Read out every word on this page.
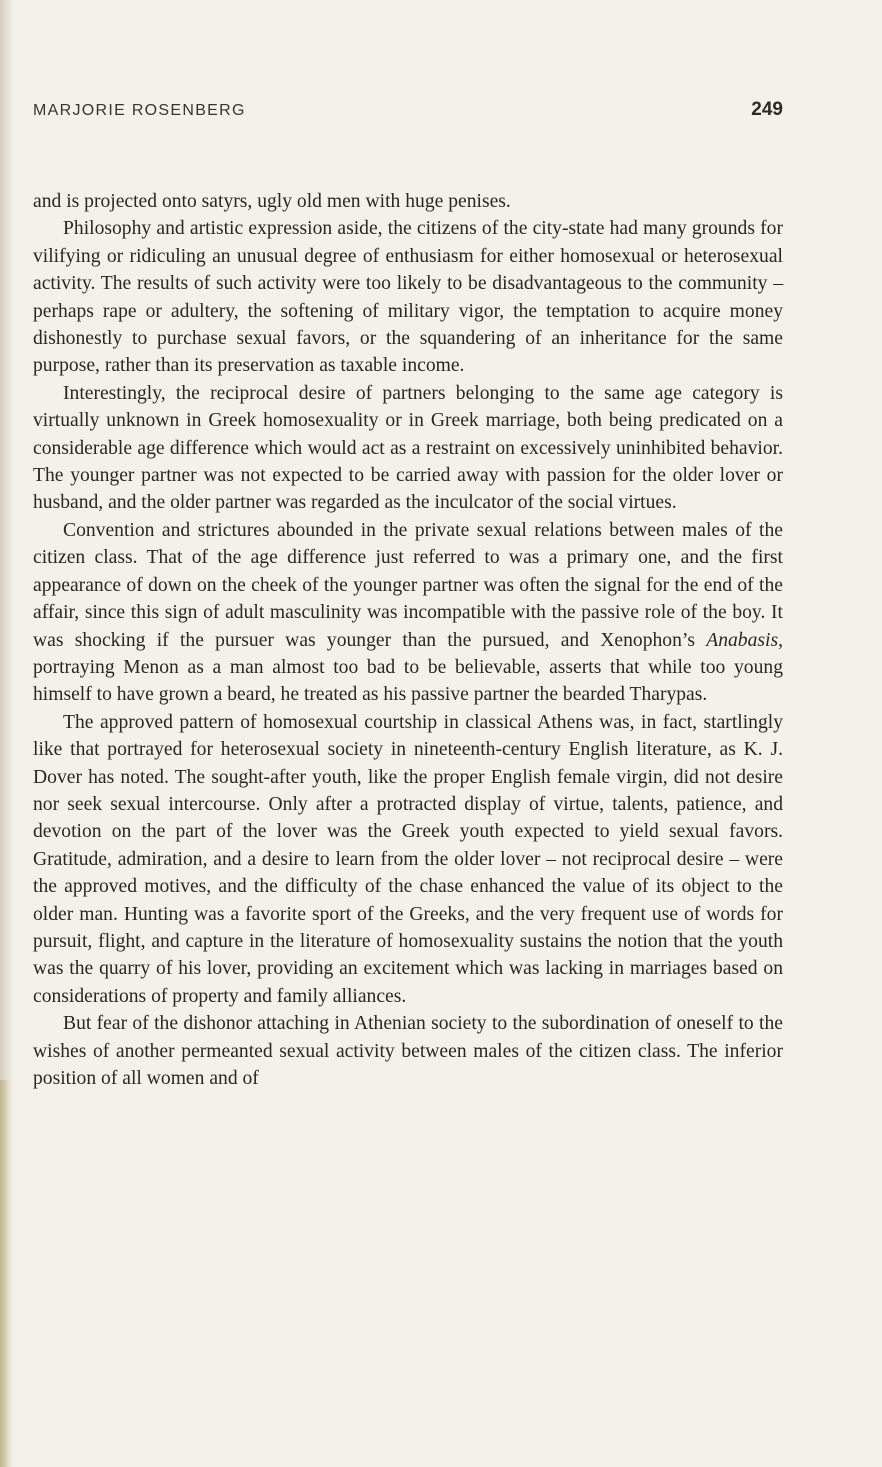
MARJORIE ROSENBERG	249

and is projected onto satyrs, ugly old men with huge penises.

Philosophy and artistic expression aside, the citizens of the city-state had many grounds for vilifying or ridiculing an unusual degree of enthusiasm for either homosexual or heterosexual activity. The results of such activity were too likely to be disadvantageous to the community – perhaps rape or adultery, the softening of military vigor, the temptation to acquire money dishonestly to purchase sexual favors, or the squandering of an inheritance for the same purpose, rather than its preservation as taxable income.

Interestingly, the reciprocal desire of partners belonging to the same age category is virtually unknown in Greek homosexuality or in Greek marriage, both being predicated on a considerable age difference which would act as a restraint on excessively uninhibited behavior. The younger partner was not expected to be carried away with passion for the older lover or husband, and the older partner was regarded as the inculcator of the social virtues.

Convention and strictures abounded in the private sexual relations between males of the citizen class. That of the age difference just referred to was a primary one, and the first appearance of down on the cheek of the younger partner was often the signal for the end of the affair, since this sign of adult masculinity was incompatible with the passive role of the boy. It was shocking if the pursuer was younger than the pursued, and Xenophon’s Anabasis, portraying Menon as a man almost too bad to be believable, asserts that while too young himself to have grown a beard, he treated as his passive partner the bearded Tharypas.

The approved pattern of homosexual courtship in classical Athens was, in fact, startlingly like that portrayed for heterosexual society in nineteenth-century English literature, as K. J. Dover has noted. The sought-after youth, like the proper English female virgin, did not desire nor seek sexual intercourse. Only after a protracted display of virtue, talents, patience, and devotion on the part of the lover was the Greek youth expected to yield sexual favors. Gratitude, admiration, and a desire to learn from the older lover – not reciprocal desire – were the approved motives, and the difficulty of the chase enhanced the value of its object to the older man. Hunting was a favorite sport of the Greeks, and the very frequent use of words for pursuit, flight, and capture in the literature of homosexuality sustains the notion that the youth was the quarry of his lover, providing an excitement which was lacking in marriages based on considerations of property and family alliances.

But fear of the dishonor attaching in Athenian society to the subordination of oneself to the wishes of another permeanted sexual activity between males of the citizen class. The inferior position of all women and of
